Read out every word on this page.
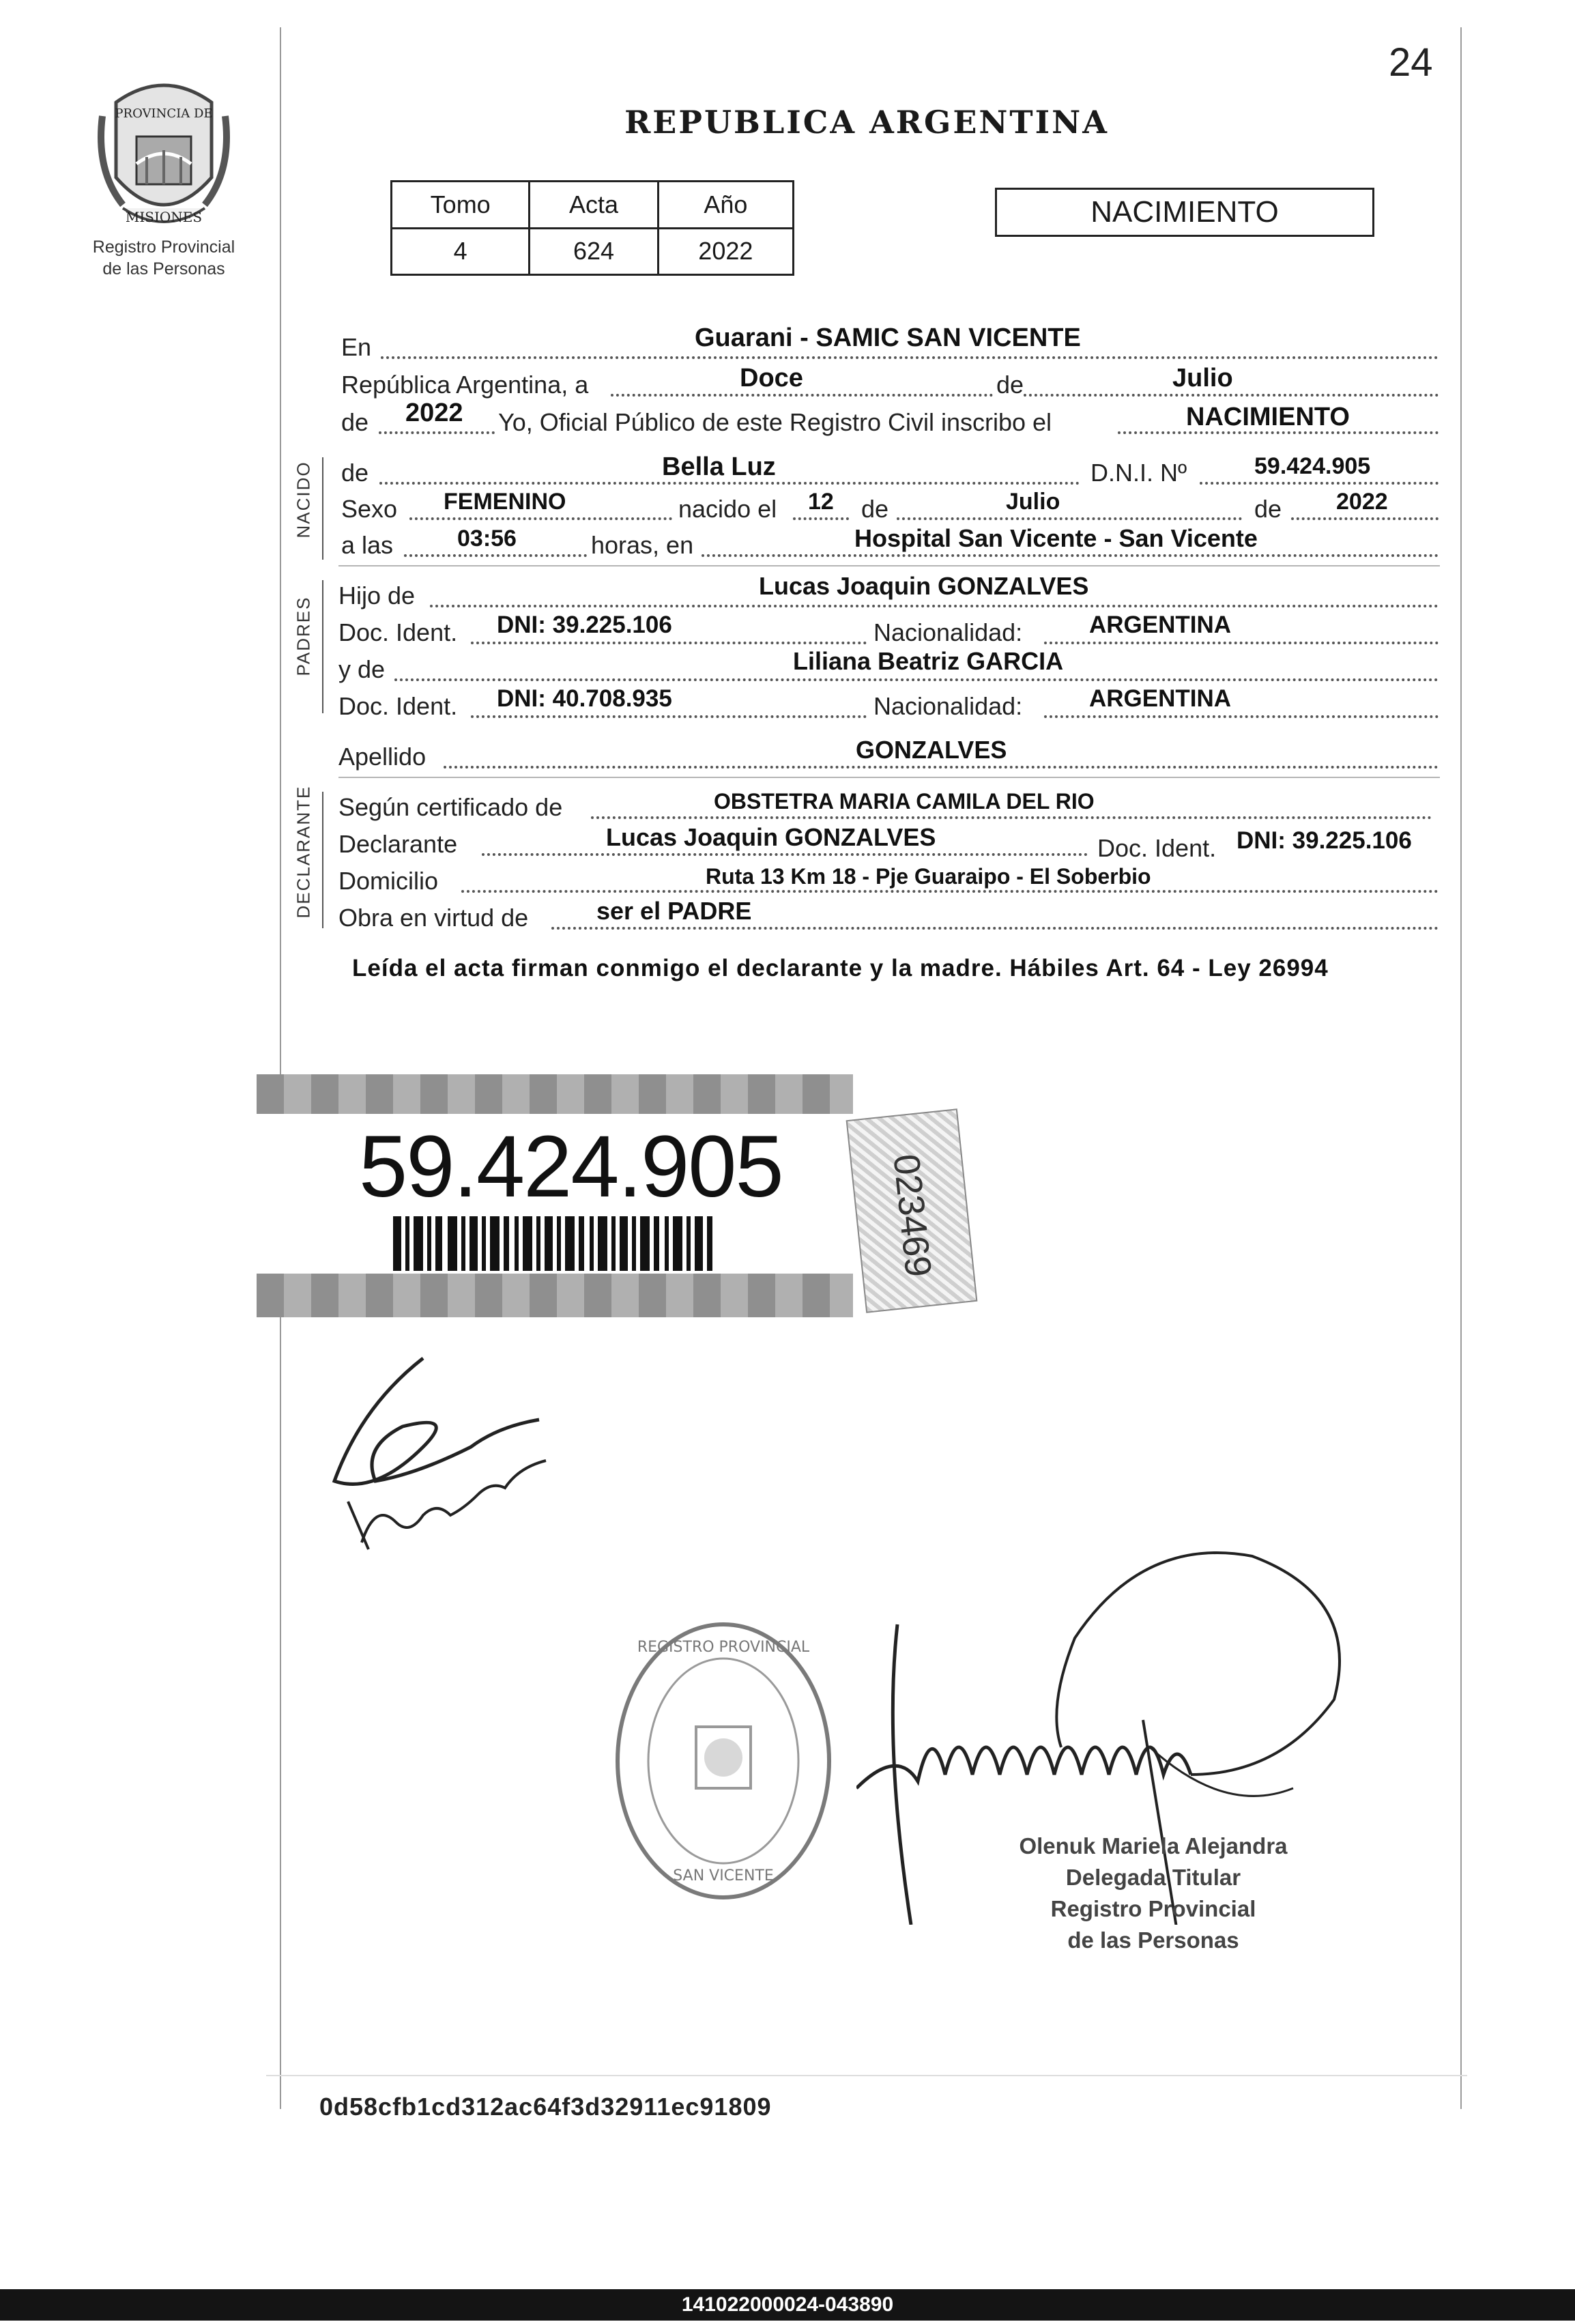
24
PROVINCIA DE
MISIONES
Registro Provincial
de las Personas
REPUBLICA ARGENTINA
Tomo	Acta	Año
4	624	2022
NACIMIENTO
En	Guarani - SAMIC SAN VICENTE
República Argentina, a	Doce	de	Julio
de 2022 Yo, Oficial Público de este Registro Civil inscribo el	NACIMIENTO
NACIDO de	Bella Luz	D.N.I. Nº	59.424.905
Sexo FEMENINO	nacido el 12 de	Julio	de 2022
a las	03:56	horas, en	Hospital San Vicente - San Vicente
PADRES
Hijo de	Lucas Joaquin GONZALVES
Doc. Ident. DNI: 39.225.106	Nacionalidad:	ARGENTINA
y de	Liliana Beatriz GARCIA
Doc. Ident. DNI: 40.708.935	Nacionalidad:	ARGENTINA
Apellido	GONZALVES
DECLARANTE Según certificado de	OBSTETRA MARIA CAMILA DEL RIO
Declarante	Lucas Joaquin GONZALVES	Doc. Ident. DNI: 39.225.106
Domicilio	Ruta 13 Km 18 - Pje Guaraipo - El Soberbio
Obra en virtud de	ser el PADRE
Leída el acta firman conmigo el declarante y la madre. Hábiles Art. 64 - Ley 26994
59.424.905	023469
REGISTRO PROVINCIAL
SAN VICENTE
Olenuk Mariela Alejandra
Delegada Titular
Registro Provincial
de las Personas
0d58cfb1cd312ac64f3d32911ec91809
141022000024-043890
